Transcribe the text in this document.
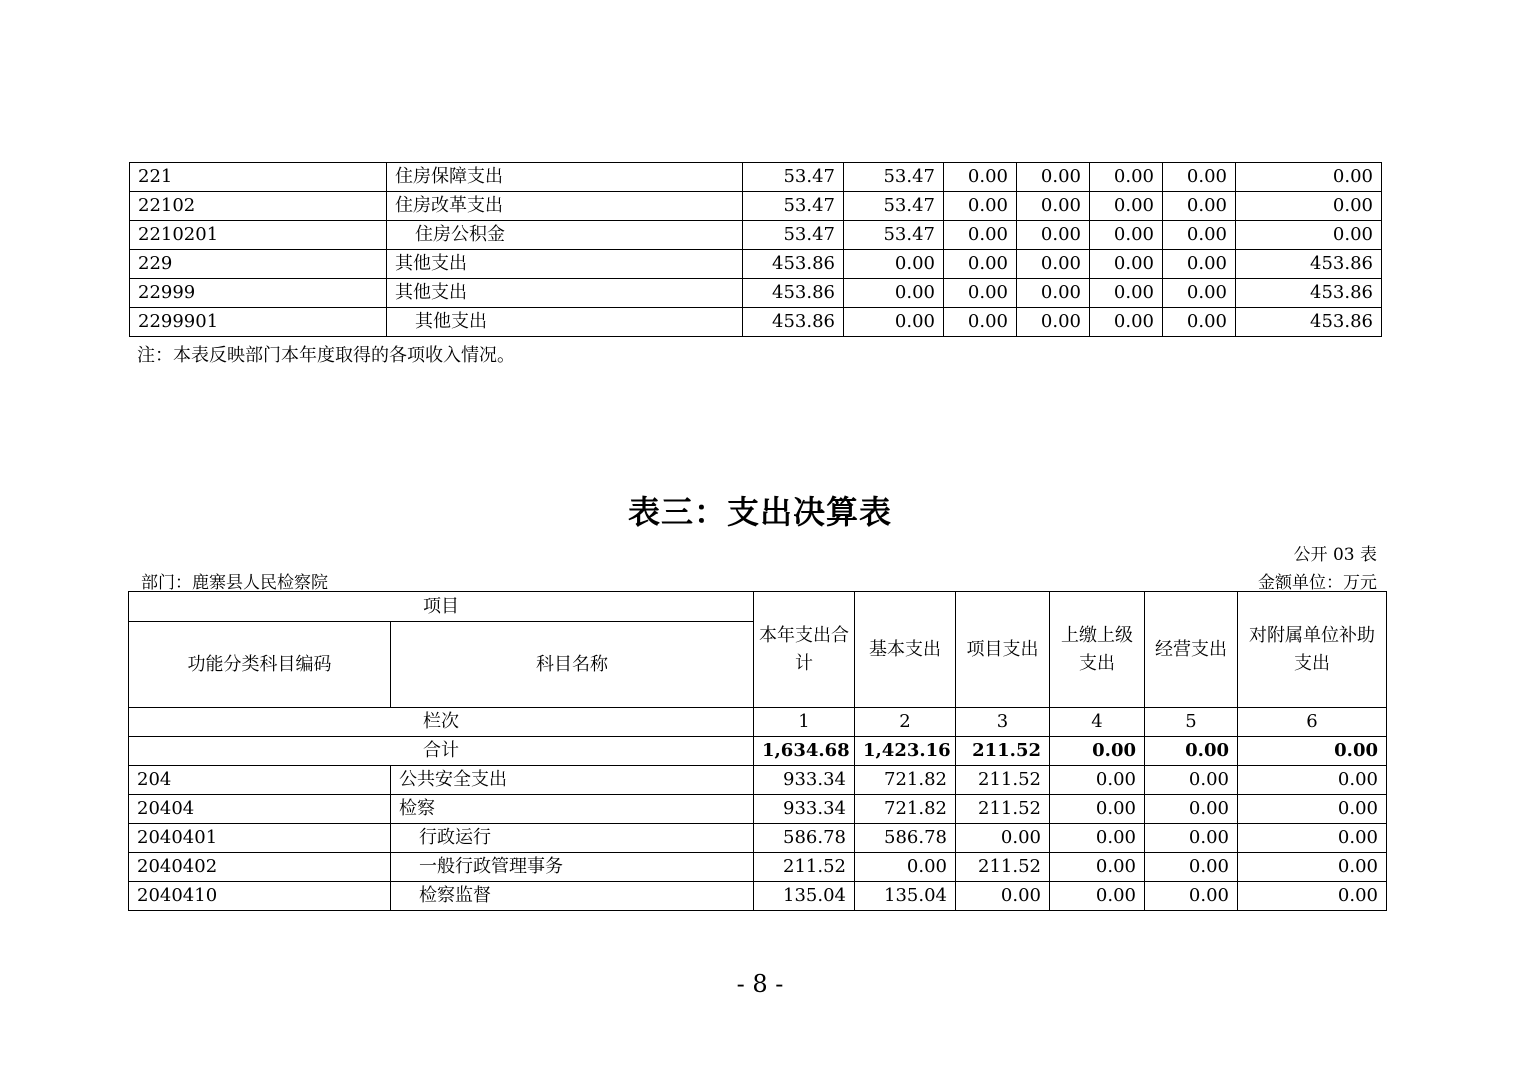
221	住房保障支出	53.47	53.47	0.00	0.00	0.00	0.00	0.00
22102	住房改革支出	53.47	53.47	0.00	0.00	0.00	0.00	0.00
2210201	住房公积金	53.47	53.47	0.00	0.00	0.00	0.00	0.00
229	其他支出	453.86	0.00	0.00	0.00	0.00	0.00	453.86
22999	其他支出	453.86	0.00	0.00	0.00	0.00	0.00	453.86
2299901	其他支出	453.86	0.00	0.00	0.00	0.00	0.00	453.86
注：本表反映部门本年度取得的各项收入情况。
表三：支出决算表
公开 03 表
部门：鹿寨县人民检察院	金额单位：万元
项目		本年支出合计	基本支出	项目支出	上缴上级支出	经营支出	对附属单位补助支出
功能分类科目编码	科目名称						
栏次		1	2	3	4	5	6
合计		1,634.68	1,423.16	211.52	0.00	0.00	0.00
204	公共安全支出	933.34	721.82	211.52	0.00	0.00	0.00
20404	检察	933.34	721.82	211.52	0.00	0.00	0.00
2040401	行政运行	586.78	586.78	0.00	0.00	0.00	0.00
2040402	一般行政管理事务	211.52	0.00	211.52	0.00	0.00	0.00
2040410	检察监督	135.04	135.04	0.00	0.00	0.00	0.00
- 8 -
